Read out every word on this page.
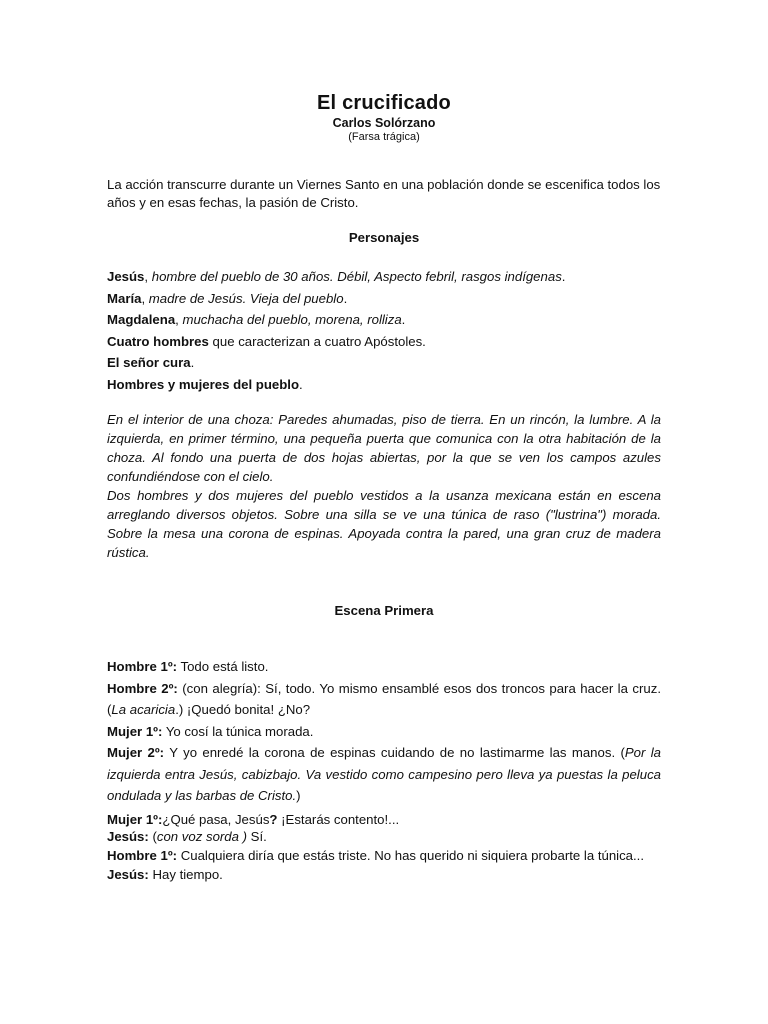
El crucificado
Carlos Solórzano
(Farsa trágica)

La acción transcurre durante un Viernes Santo en una población donde se escenifica todos los años y en esas fechas, la pasión de Cristo.

Personajes

Jesús, hombre del pueblo de 30 años. Débil, Aspecto febril, rasgos indígenas.

María, madre de Jesús. Vieja del pueblo.

Magdalena, muchacha del pueblo, morena, rolliza.

Cuatro hombres que caracterizan a cuatro Apóstoles.

El señor cura.

Hombres y mujeres del pueblo.

En el interior de una choza: Paredes ahumadas, piso de tierra. En un rincón, la lumbre. A la izquierda, en primer término, una pequeña puerta que comunica con la otra habitación de la choza. Al fondo una puerta de dos hojas abiertas, por la que se ven los campos azules confundiéndose con el cielo.

Dos hombres y dos mujeres del pueblo vestidos a la usanza mexicana están en escena arreglando diversos objetos. Sobre una silla se ve una túnica de raso ("lustrina") morada. Sobre la mesa una corona de espinas. Apoyada contra la pared, una gran cruz de madera rústica.

Escena Primera

Hombre 1º: Todo está listo.

Hombre 2º: (con alegría): Sí, todo. Yo mismo ensamblé esos dos troncos para hacer la cruz. (La acaricia.) ¡Quedó bonita! ¿No?

Mujer 1º: Yo cosí la túnica morada.

Mujer 2º: Y yo enredé la corona de espinas cuidando de no lastimarme las manos. (Por la izquierda entra Jesús, cabizbajo. Va vestido como campesino pero lleva ya puestas la peluca ondulada y las barbas de Cristo.)

Mujer 1º:¿Qué pasa, Jesús? ¡Estarás contento!...

Jesús: (con voz sorda ) Sí.

Hombre 1º: Cualquiera diría que estás triste. No has querido ni siquiera probarte la túnica...

Jesús: Hay tiempo.
